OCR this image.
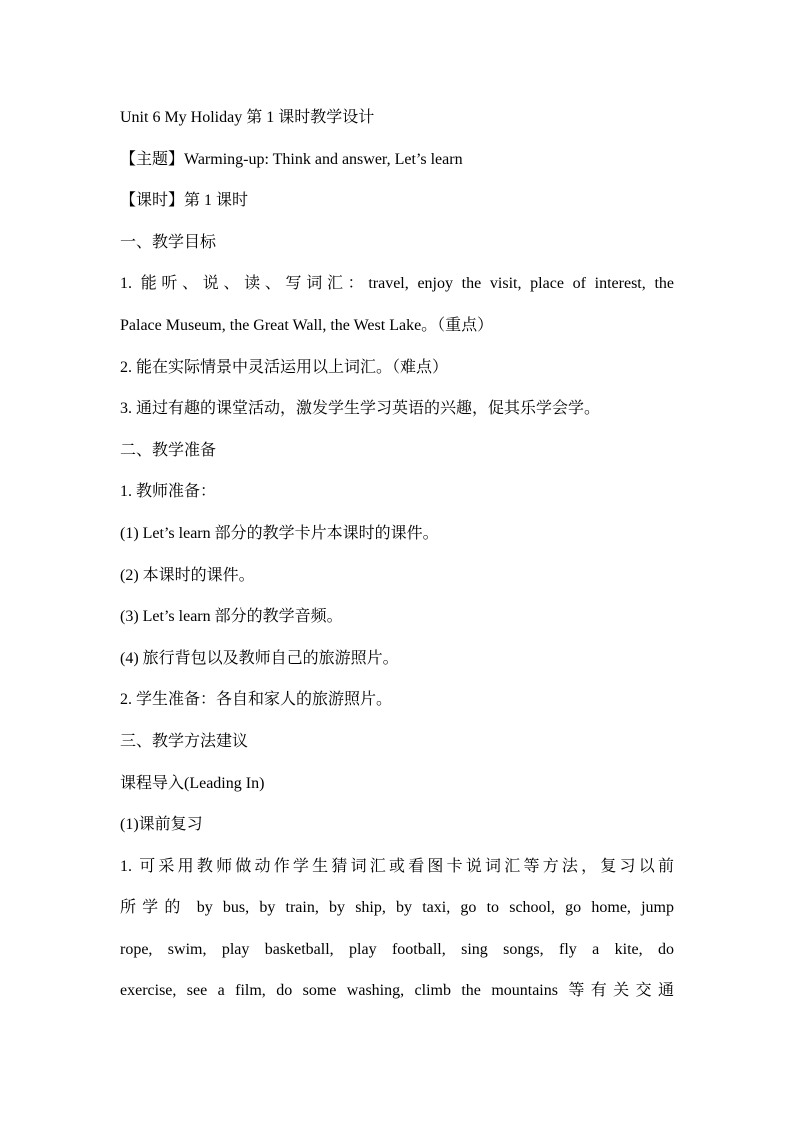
Unit 6 My Holiday 第 1 课时教学设计
【主题】Warming-up: Think and answer, Let’s learn
【课时】第 1 课时
一、教学目标
1. 能听、说、读、写词汇：travel, enjoy the visit, place of interest, the
Palace Museum, the Great Wall, the West Lake。（重点）
2. 能在实际情景中灵活运用以上词汇。（难点）
3. 通过有趣的课堂活动，激发学生学习英语的兴趣，促其乐学会学。
二、教学准备
1. 教师准备：
(1) Let’s learn 部分的教学卡片本课时的课件。
(2) 本课时的课件。
(3) Let’s learn 部分的教学音频。
(4) 旅行背包以及教师自己的旅游照片。
2. 学生准备：各自和家人的旅游照片。
三、教学方法建议
课程导入(Leading In)
(1)课前复习
1. 可采用教师做动作学生猜词汇或看图卡说词汇等方法，复习以前
所学的 by bus, by train, by ship, by taxi, go to school, go home, jump
rope, swim, play basketball, play football, sing songs, fly a kite, do
exercise, see a film, do some washing, climb the mountains 等有关交通
